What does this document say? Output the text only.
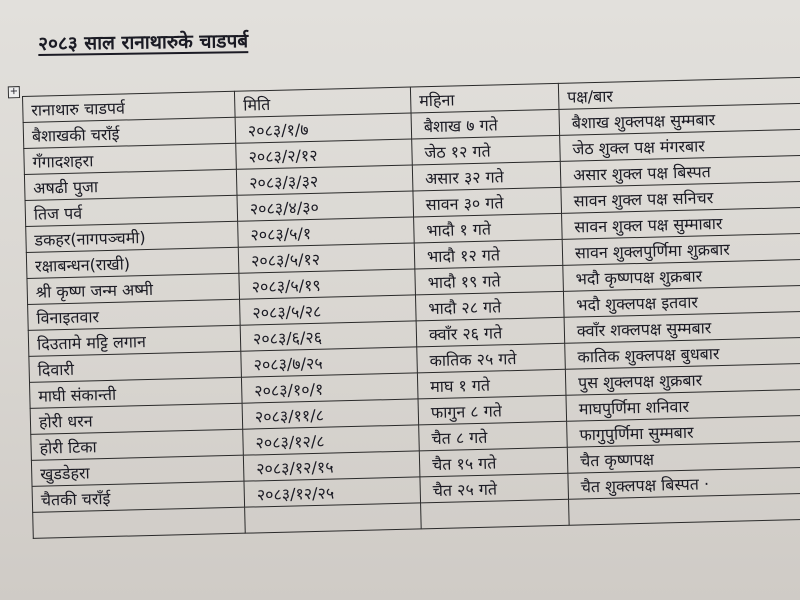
२०८३ साल रानाथारुके चाडपर्ब
+
रानाथारु चाडपर्व	मिति	महिना	पक्ष/बार
बैशाखकी चराँई	२०८३/१/७	बैशाख ७ गते	बैशाख शुक्लपक्ष सुम्मबार
गँगादशहरा	२०८३/२/१२	जेठ १२ गते	जेठ शुक्ल पक्ष मंगरबार
अषढी पुजा	२०८३/३/३२	असार ३२ गते	असार शुक्ल पक्ष बिस्पत
तिज पर्व	२०८३/४/३०	सावन ३० गते	सावन शुक्ल पक्ष सनिचर
डकहर(नागपञ्चमी)	२०८३/५/१	भादौ १ गते	सावन शुक्ल पक्ष सुम्माबार
रक्षाबन्धन(राखी)	२०८३/५/१२	भादौ १२ गते	सावन शुक्लपुर्णिमा शुक्रबार
श्री कृष्ण जन्म अष्मी	२०८३/५/१९	भादौ १९ गते	भदौ कृष्णपक्ष शुक्रबार
विनाइतवार	२०८३/५/२८	भादौ २८ गते	भदौ शुक्लपक्ष इतवार
दिउतामे मट्टि लगान	२०८३/६/२६	क्वाँर २६ गते	क्वाँर शक्लपक्ष सुम्मबार
दिवारी	२०८३/७/२५	कातिक २५ गते	कातिक शुक्लपक्ष बुधबार
माघी संकान्ती	२०८३/१०/१	माघ १ गते	पुस शुक्लपक्ष शुक्रबार
होरी धरन	२०८३/११/८	फागुन ८ गते	माघपुर्णिमा शनिवार
होरी टिका	२०८३/१२/८	चैत ८ गते	फागुपुर्णिमा सुम्मबार
खुडडेहरा	२०८३/१२/१५	चैत १५ गते	चैत कृष्णपक्ष
चैतकी चराँई	२०८३/१२/२५	चैत २५ गते	चैत शुक्लपक्ष बिस्पत ·
